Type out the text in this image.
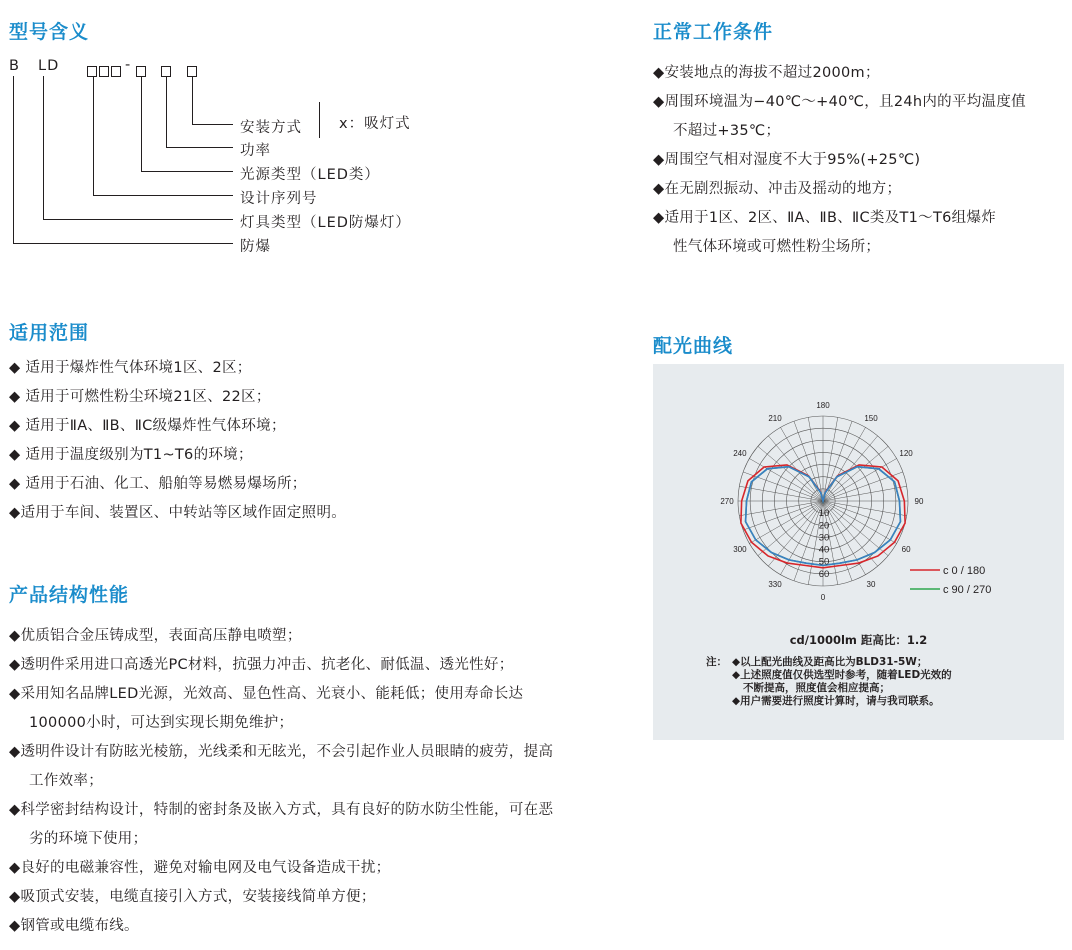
型号含义
B LD	-
安装方式	x：吸灯式
功率
光源类型（LED类）
设计序列号
灯具类型（LED防爆灯）
防爆
适用范围
◆ 适用于爆炸性气体环境1区、2区；
◆ 适用于可燃性粉尘环境21区、22区；
◆ 适用于ⅡA、ⅡB、ⅡC级爆炸性气体环境；
◆ 适用于温度级别为T1~T6的环境；
◆ 适用于石油、化工、船舶等易燃易爆场所；
◆适用于车间、装置区、中转站等区域作固定照明。
产品结构性能
◆优质铝合金压铸成型，表面高压静电喷塑；
◆透明件采用进口高透光PC材料，抗强力冲击、抗老化、耐低温、透光性好；
◆采用知名品牌LED光源，光效高、显色性高、光衰小、能耗低；使用寿命长达
100000小时，可达到实现长期免维护；
◆透明件设计有防眩光棱筋，光线柔和无眩光，不会引起作业人员眼睛的疲劳，提高
工作效率；
◆科学密封结构设计，特制的密封条及嵌入方式，具有良好的防水防尘性能，可在恶
劣的环境下使用；
◆良好的电磁兼容性，避免对输电网及电气设备造成干扰；
◆吸顶式安装，电缆直接引入方式，安装接线简单方便；
◆钢管或电缆布线。
正常工作条件
◆安装地点的海拔不超过2000m；
◆周围环境温为−40℃～+40℃，且24h内的平均温度值
不超过+35℃；
◆周围空气相对湿度不大于95%(+25℃)
◆在无剧烈振动、冲击及摇动的地方；
◆适用于1区、2区、ⅡA、ⅡB、ⅡC类及T1～T6组爆炸
性气体环境或可燃性粉尘场所；
配光曲线
180
150
120
90
60
30
0
330
300
270
240
210
10
20
30
40
50
60	c 0 / 180
c 90 / 270
cd/1000lm 距高比：1.2
注： ◆以上配光曲线及距高比为BLD31-5W；
◆上述照度值仅供选型时参考，随着LED光效的
不断提高，照度值会相应提高；
◆用户需要进行照度计算时，请与我司联系。
